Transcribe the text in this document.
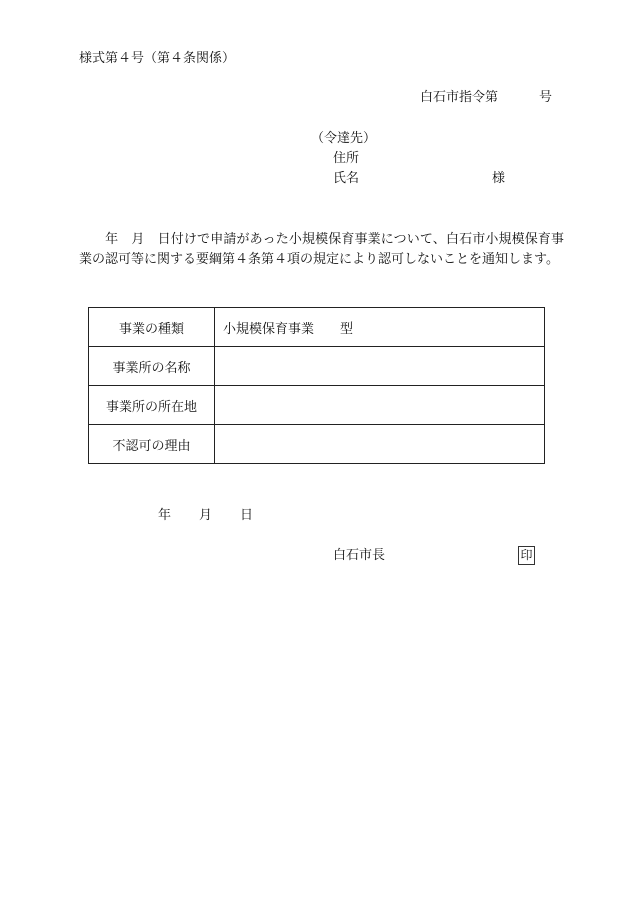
様式第４号（第４条関係）
白石市指令第	号
（令達先）
住所
氏名	様
年　月　日付けで申請があった小規模保育事業について、白石市小規模保育事業の認可等に関する要綱第４条第４項の規定により認可しないことを通知します。
事業の種類	小規模保育事業 型
事業所の名称	
事業所の所在地	
不認可の理由	
年 月 日
白石市長	印
